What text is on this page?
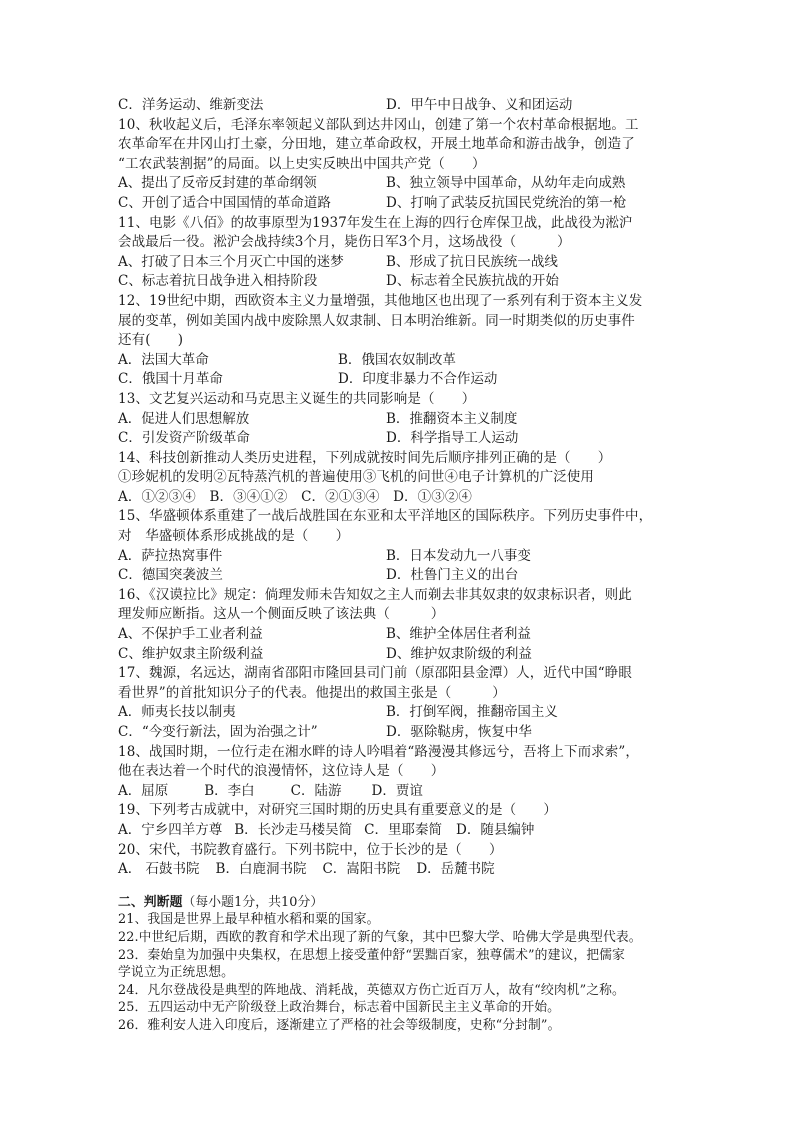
C．洋务运动、维新变法	D．甲午中日战争、义和团运动
10、秋收起义后，毛泽东率领起义部队到达井冈山，创建了第一个农村革命根据地。工
农革命军在井冈山打土豪，分田地，建立革命政权，开展土地革命和游击战争，创造了
“工农武装割据”的局面。以上史实反映出中国共产党（　　）
A、提出了反帝反封建的革命纲领	B、独立领导中国革命，从幼年走向成熟
C、开创了适合中国国情的革命道路	D、打响了武装反抗国民党统治的第一枪
11、电影《八佰》的故事原型为1937年发生在上海的四行仓库保卫战，此战役为淞沪
会战最后一役。淞沪会战持续3个月，毙伤日军3个月，这场战役（　　　）
A、打破了日本三个月灭亡中国的迷梦	B、形成了抗日民族统一战线
C、标志着抗日战争进入相持阶段	D、标志着全民族抗战的开始
12、19世纪中期，西欧资本主义力量增强，其他地区也出现了一系列有利于资本主义发
展的变革，例如美国内战中废除黑人奴隶制、日本明治维新。同一时期类似的历史事件
还有(　　)
A．法国大革命	B．俄国农奴制改革
C．俄国十月革命	D．印度非暴力不合作运动
13、文艺复兴运动和马克思主义诞生的共同影响是（　　）
A．促进人们思想解放	B．推翻资本主义制度
C．引发资产阶级革命	D．科学指导工人运动
14、科技创新推动人类历史进程，下列成就按时间先后顺序排列正确的是（　　）
①珍妮机的发明②瓦特蒸汽机的普遍使用③飞机的问世④电子计算机的广泛使用
A．①②③④　B．③④①②　C．②①③④　D．①③②④
15、华盛顿体系重建了一战后战胜国在东亚和太平洋地区的国际秩序。下列历史事件中，
对　华盛顿体系形成挑战的是（　　）
A．萨拉热窝事件	B．日本发动九一八事变
C．德国突袭波兰	D．杜鲁门主义的出台
16、《汉谟拉比》规定：倘理发师未告知奴之主人而剃去非其奴隶的奴隶标识者，则此
理发师应断指。这从一个侧面反映了该法典（　　　）
A、不保护手工业者利益	B、维护全体居住者利益
C、维护奴隶主阶级利益	D、维护奴隶阶级的利益
17、魏源，名远达，湖南省邵阳市隆回县司门前（原邵阳县金潭）人，近代中国“睁眼
看世界”的首批知识分子的代表。他提出的救国主张是（　　　）
A．师夷长技以制夷	B．打倒军阀，推翻帝国主义
C．“今变行新法，固为治强之计”	D．驱除鞑虏，恢复中华
18、战国时期，一位行走在湘水畔的诗人吟唱着“路漫漫其修远兮，吾将上下而求索”，
他在表达着一个时代的浪漫情怀，这位诗人是（　　）
A．屈原	B．李白	C．陆游 D．贾谊
19、下列考古成就中，对研究三国时期的历史具有重要意义的是（　　）
A．宁乡四羊方尊 B．长沙走马楼吴简 C．里耶秦简 D．随县编钟
20、宋代，书院教育盛行。下列书院中，位于长沙的是（　　）
A． 石鼓书院 B．白鹿洞书院 C．嵩阳书院 D．岳麓书院
二、判断题（每小题1分，共10分）
21、我国是世界上最早种植水稻和粟的国家。
22.中世纪后期，西欧的教育和学术出现了新的气象，其中巴黎大学、哈佛大学是典型代表。
23．秦始皇为加强中央集权，在思想上接受董仲舒“罢黜百家，独尊儒术”的建议，把儒家
学说立为正统思想。
24．凡尔登战役是典型的阵地战、消耗战，英德双方伤亡近百万人，故有“绞肉机”之称。
25．五四运动中无产阶级登上政治舞台，标志着中国新民主主义革命的开始。
26．雅利安人进入印度后，逐渐建立了严格的社会等级制度，史称“分封制”。
